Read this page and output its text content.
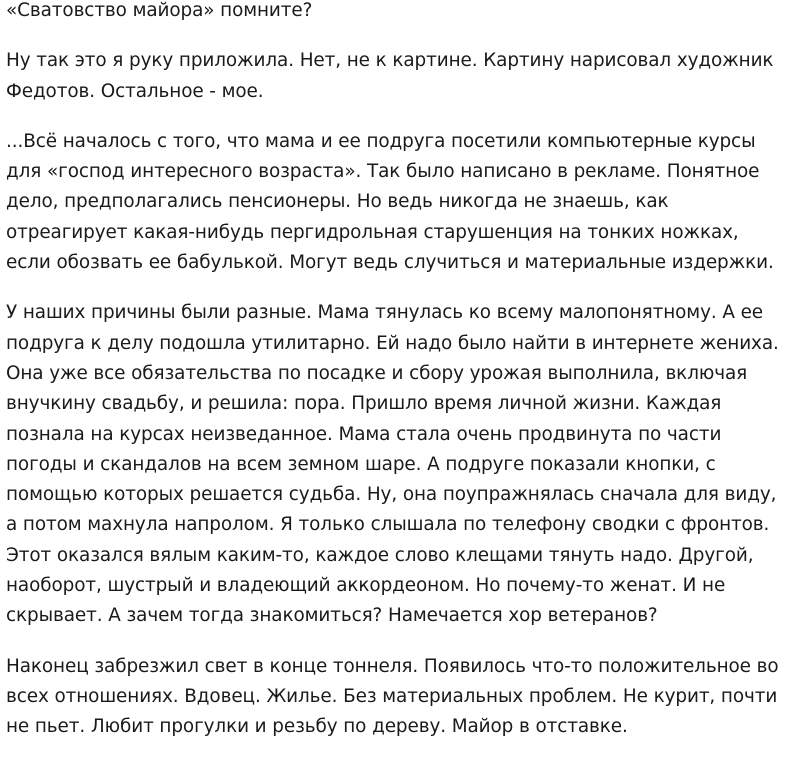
«Сватовство майора» помните?

Ну так это я руку приложила. Нет, не к картине. Картину нарисовал художник Федотов. Остальное - мое.

...Всё началось с того, что мама и ее подруга посетили компьютерные курсы для «господ интересного возраста». Так было написано в рекламе. Понятное дело, предполагались пенсионеры. Но ведь никогда не знаешь, как отреагирует какая-нибудь пергидрольная старушенция на тонких ножках, если обозвать ее бабулькой. Могут ведь случиться и материальные издержки.

У наших причины были разные. Мама тянулась ко всему малопонятному. А ее подруга к делу подошла утилитарно. Ей надо было найти в интернете жениха. Она уже все обязательства по посадке и сбору урожая выполнила, включая внучкину свадьбу, и решила: пора. Пришло время личной жизни. Каждая познала на курсах неизведанное. Мама стала очень продвинута по части погоды и скандалов на всем земном шаре. А подруге показали кнопки, с помощью которых решается судьба. Ну, она поупражнялась сначала для виду, а потом махнула напролом. Я только слышала по телефону сводки с фронтов. Этот оказался вялым каким-то, каждое слово клещами тянуть надо. Другой, наоборот, шустрый и владеющий аккордеоном. Но почему-то женат. И не скрывает. А зачем тогда знакомиться? Намечается хор ветеранов?

Наконец забрезжил свет в конце тоннеля. Появилось что-то положительное во всех отношениях. Вдовец. Жилье. Без материальных проблем. Не курит, почти не пьет. Любит прогулки и резьбу по дереву. Майор в отставке.
